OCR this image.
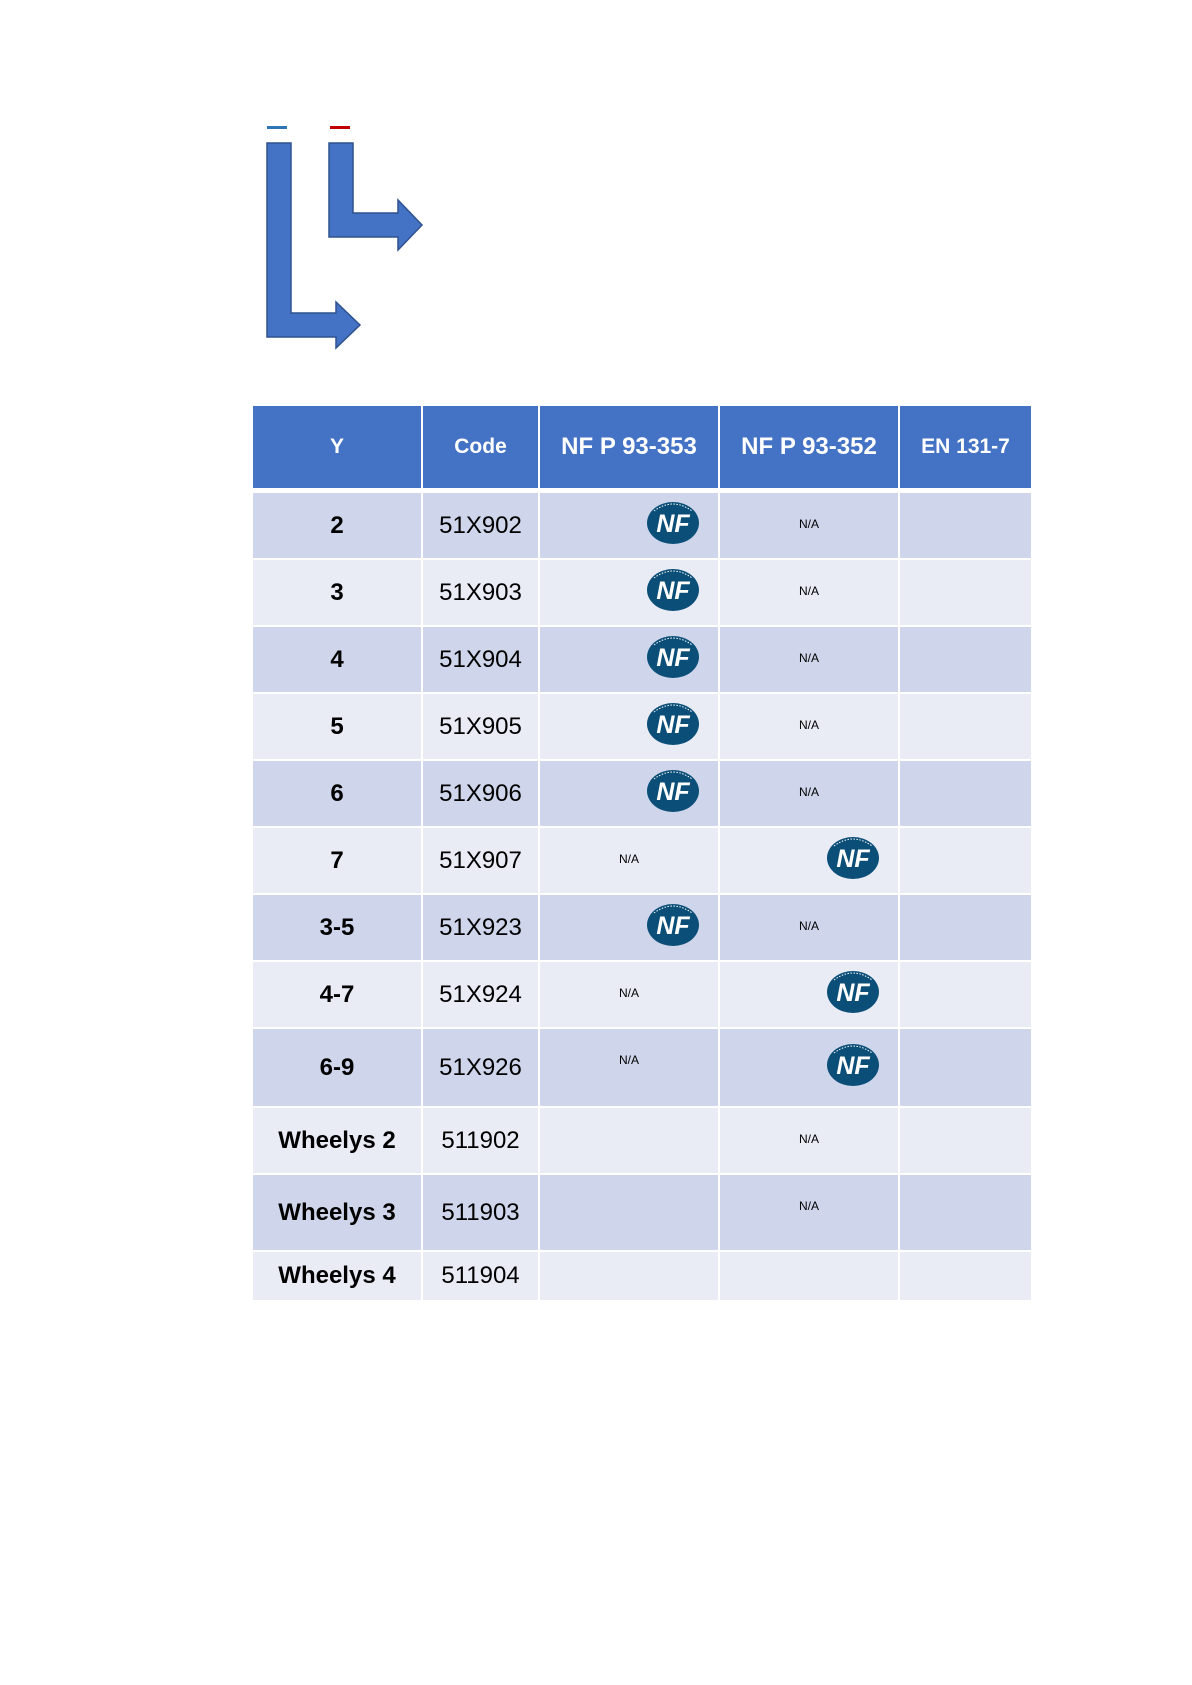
Y	Code	NF P 93-353	NF P 93-352	EN 131-7
2	51X902	NF	N/A	
3	51X903	NF	N/A	
4	51X904	NF	N/A	
5	51X905	NF	N/A	
6	51X906	NF	N/A	
7	51X907	N/A	NF	

3-5	51X923	NF	N/A	
4-7	51X924	N/A	NF	

6-9	51X926	N/A	NF	

Wheelys 2	511902		N/A	
Wheelys 3	511903		N/A	
Wheelys 4	511904			
